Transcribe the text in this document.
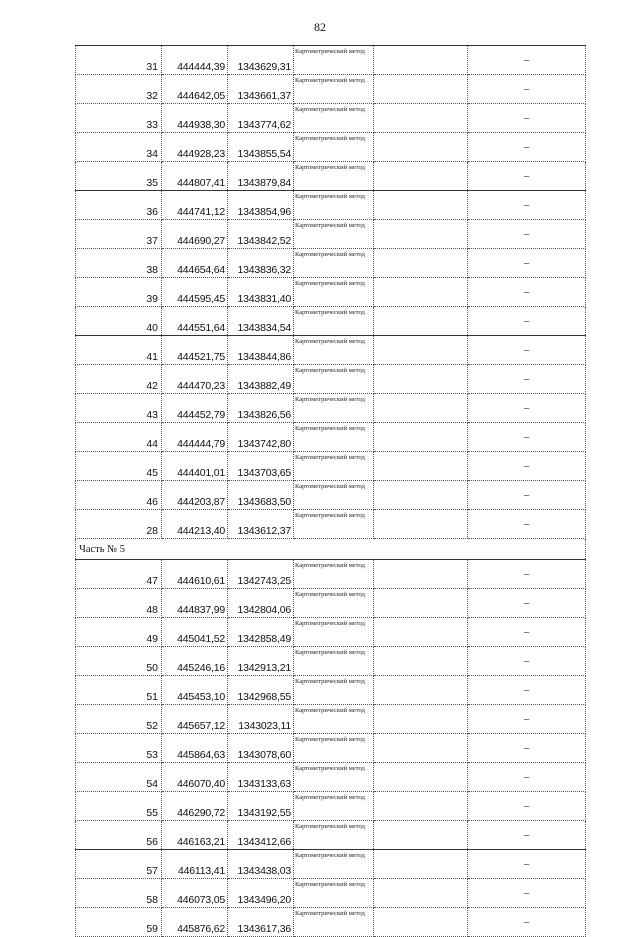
82
31	444444,39	1343629,31	Картометрический метод		–
32	444642,05	1343661,37	Картометрический метод		–
33	444938,30	1343774,62	Картометрический метод		–
34	444928,23	1343855,54	Картометрический метод		–
35	444807,41	1343879,84	Картометрический метод		–
36	444741,12	1343854,96	Картометрический метод		–
37	444690,27	1343842,52	Картометрический метод		–
38	444654,64	1343836,32	Картометрический метод		–
39	444595,45	1343831,40	Картометрический метод		–
40	444551,64	1343834,54	Картометрический метод		–
41	444521,75	1343844,86	Картометрический метод		–
42	444470,23	1343882,49	Картометрический метод		–
43	444452,79	1343826,56	Картометрический метод		–
44	444444,79	1343742,80	Картометрический метод		–
45	444401,01	1343703,65	Картометрический метод		–
46	444203,87	1343683,50	Картометрический метод		–
28	444213,40	1343612,37	Картометрический метод		–
Часть № 5					
47	444610,61	1342743,25	Картометрический метод		–
48	444837,99	1342804,06	Картометрический метод		–
49	445041,52	1342858,49	Картометрический метод		–
50	445246,16	1342913,21	Картометрический метод		–
51	445453,10	1342968,55	Картометрический метод		–
52	445657,12	1343023,11	Картометрический метод		–
53	445864,63	1343078,60	Картометрический метод		–
54	446070,40	1343133,63	Картометрический метод		–
55	446290,72	1343192,55	Картометрический метод		–
56	446163,21	1343412,66	Картометрический метод		–
57	446113,41	1343438,03	Картометрический метод		–
58	446073,05	1343496,20	Картометрический метод		–
59	445876,62	1343617,36	Картометрический метод		–
